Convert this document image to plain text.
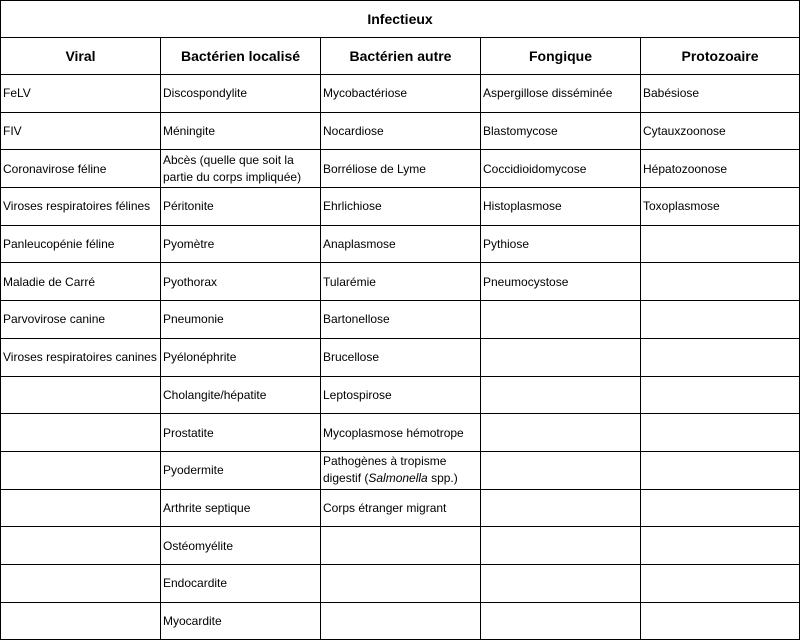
Infectieux				
Viral	Bactérien localisé	Bactérien autre	Fongique	Protozoaire
FeLV	Discospondylite	Mycobactériose	Aspergillose disséminée	Babésiose
FIV	Méningite	Nocardiose	Blastomycose	Cytauxzoonose
Coronavirose féline	Abcès (quelle que soit la partie du corps impliquée)	Borréliose de Lyme	Coccidioidomycose	Hépatozoonose
Viroses respiratoires félines	Péritonite	Ehrlichiose	Histoplasmose	Toxoplasmose
Panleucopénie féline	Pyomètre	Anaplasmose	Pythiose	
Maladie de Carré	Pyothorax	Tularémie	Pneumocystose	
Parvovirose canine	Pneumonie	Bartonellose		
Viroses respiratoires canines	Pyélonéphrite	Brucellose		
	Cholangite/hépatite	Leptospirose		
	Prostatite	Mycoplasmose hémotrope		
	Pyodermite	Pathogènes à tropisme digestif (Salmonella spp.)		
	Arthrite septique	Corps étranger migrant		
	Ostéomyélite			
	Endocardite			
	Myocardite			
